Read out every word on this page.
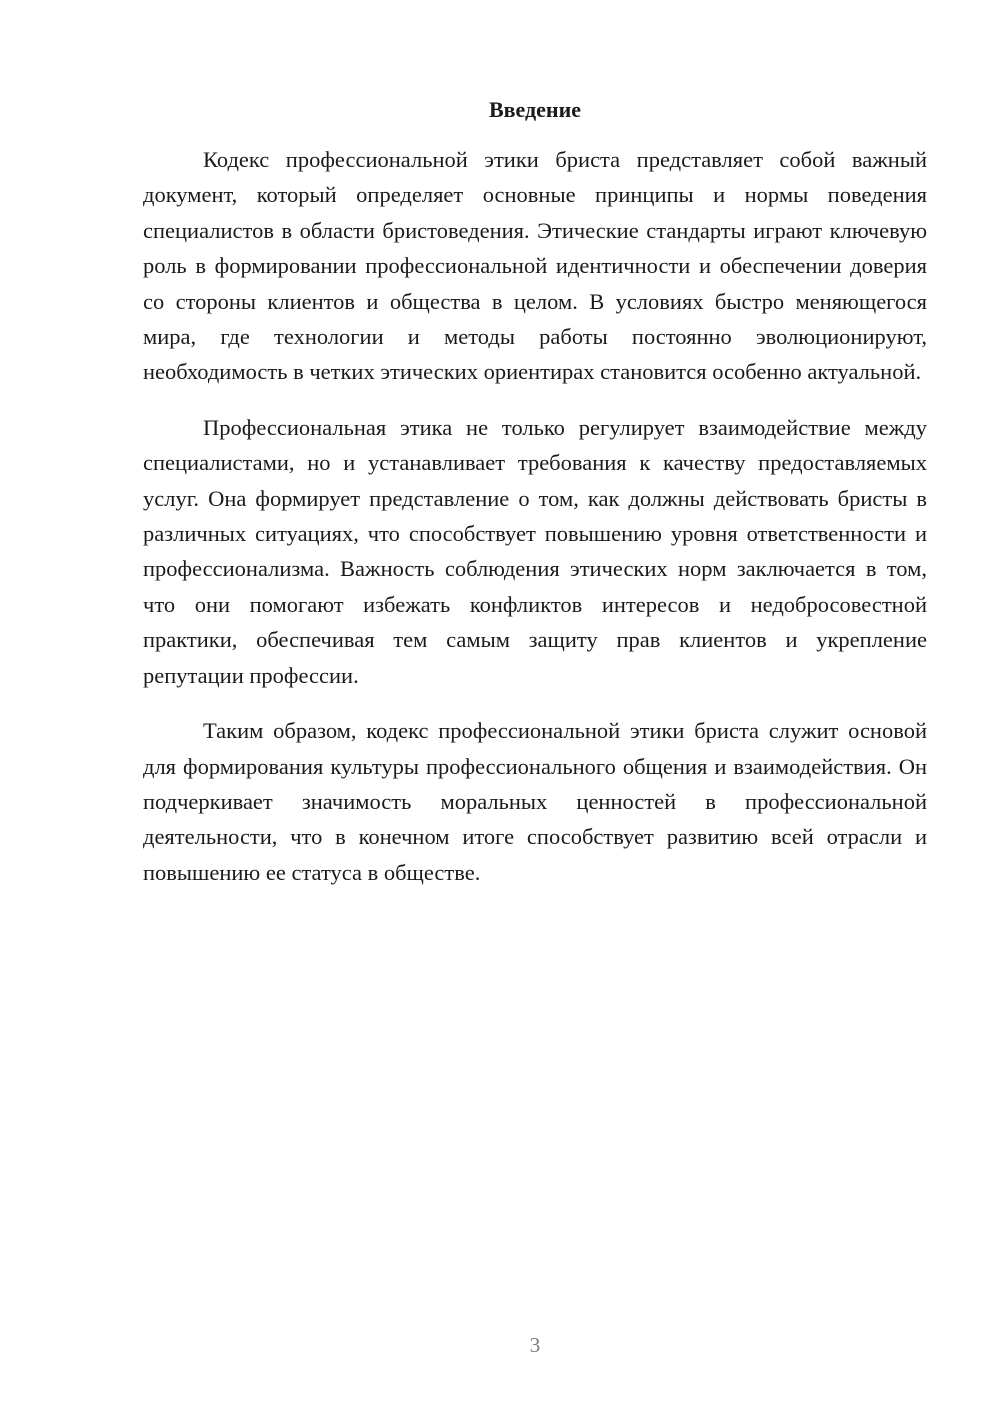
Введение

Кодекс профессиональной этики бриста представляет собой важный документ, который определяет основные принципы и нормы поведения специалистов в области бристоведения. Этические стандарты играют ключевую роль в формировании профессиональной идентичности и обеспечении доверия со стороны клиентов и общества в целом. В условиях быстро меняющегося мира, где технологии и методы работы постоянно эволюционируют, необходимость в четких этических ориентирах становится особенно актуальной.

Профессиональная этика не только регулирует взаимодействие между специалистами, но и устанавливает требования к качеству предоставляемых услуг. Она формирует представление о том, как должны действовать бристы в различных ситуациях, что способствует повышению уровня ответственности и профессионализма. Важность соблюдения этических норм заключается в том, что они помогают избежать конфликтов интересов и недобросовестной практики, обеспечивая тем самым защиту прав клиентов и укрепление репутации профессии.

Таким образом, кодекс профессиональной этики бриста служит основой для формирования культуры профессионального общения и взаимодействия. Он подчеркивает значимость моральных ценностей в профессиональной деятельности, что в конечном итоге способствует развитию всей отрасли и повышению ее статуса в обществе.

3
